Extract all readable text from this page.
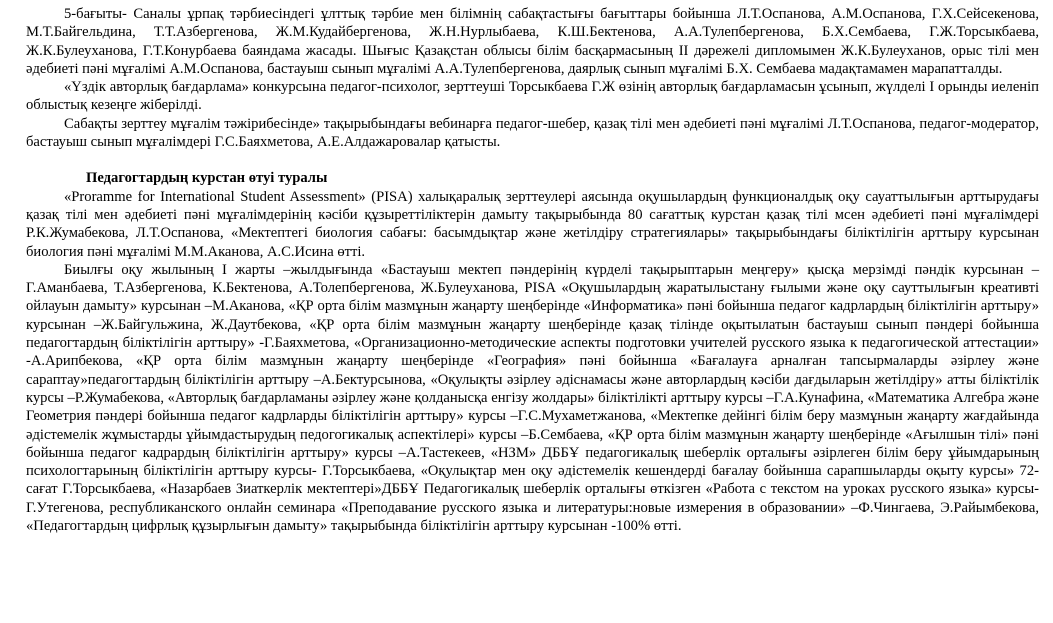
5-бағыты- Саналы ұрпақ тәрбиесіндегі ұлттық тәрбие мен білімнің сабақтастығы бағыттары бойынша Л.Т.Оспанова, А.М.Оспанова, Г.Х.Сейсекенова, М.Т.Байгельдина, Т.Т.Азбергенова, Ж.М.Кудайбергенова, Ж.Н.Нурлыбаева, К.Ш.Бектенова, А.А.Тулепбергенова, Б.Х.Сембаева, Г.Ж.Торсыкбаева, Ж.К.Булеуханова, Г.Т.Конурбаева баяндама жасады. Шығыс Қазақстан облысы білім басқармасының ІІ дәрежелі дипломымен Ж.К.Булеуханов, орыс тілі мен әдебиеті пәні мұғалімі А.М.Оспанова, бастауыш сынып мұғалімі А.А.Тулепбергенова, даярлық сынып мұғалімі Б.Х. Сембаева мадақтамамен марапатталды.

«Үздік авторлық бағдарлама» конкурсына педагог-психолог, зерттеуші Торсыкбаева Г.Ж өзінің авторлық бағдарламасын ұсынып, жүлделі І орынды иеленіп облыстық кезеңге жіберілді.

Сабақты зерттеу мұғалім тәжірибесінде» тақырыбындағы вебинарға педагог-шебер, қазақ тілі мен әдебиеті пәні мұғалімі Л.Т.Оспанова, педагог-модератор, бастауыш сынып мұғалімдері Г.С.Баяхметова, А.Е.Алдажаровалар қатысты.

Педагогтардың курстан өтуі туралы

«Proramme for International Student Assessment» (PISA) халықаралық зерттеулері аясында оқушылардың функционалдық оқу сауаттылығын арттырудағы қазақ тілі мен әдебиеті пәні мұғалімдерінің кәсіби құзыреттіліктерін дамыту тақырыбында 80 сағаттық курстан қазақ тілі мсен әдебиеті пәні мұғалімдері Р.К.Жумабекова, Л.Т.Оспанова, «Мектептегі биология сабағы: басымдықтар және жетілдіру стратегиялары» тақырыбындағы біліктілігін арттыру курсынан биология пәні мұғалімі М.М.Аканова, А.С.Исина өтті.

Биылғы оқу жылының І жарты –жылдығында «Бастауыш мектеп пәндерінің күрделі тақырыптарын меңгеру» қысқа мерзімді пәндік курсынан – Г.Аманбаева, Т.Азбергенова, К.Бектенова, А.Толепбергенова, Ж.Булеуханова, PISA «Оқушылардың жаратылыстану ғылыми және оқу сауттылығын креативті ойлауын дамыту» курсынан –М.Аканова, «ҚР орта білім мазмұнын жаңарту шеңберінде «Информатика» пәні бойынша педагог кадрлардың біліктілігін арттыру» курсынан –Ж.Байгульжина, Ж.Даутбекова, «ҚР орта білім мазмұнын жаңарту шеңберінде қазақ тілінде оқытылатын бастауыш сынып пәндері бойынша педагогтардың біліктілігін арттыру» -Г.Баяхметова, «Организационно-методические аспекты подготовки учителей русского языка к педагогической аттестации» -А.Арипбекова, «ҚР орта білім мазмұнын жаңарту шеңберінде «География» пәні бойынша «Бағалауға арналған тапсырмаларды әзірлеу және сараптау»педагогтардың біліктілігін арттыру –А.Бектурсынова, «Оқулықты әзірлеу әдіснамасы және авторлардың кәсіби дағдыларын жетілдіру» атты біліктілік курсы –Р.Жумабекова, «Авторлық бағдарламаны әзірлеу және қолданысқа енгізу жолдары» біліктілікті арттыру курсы –Г.А.Кунафина, «Математика Алгебра және Геометрия пәндері бойынша педагог кадрларды біліктілігін арттыру» курсы –Г.С.Мухаметжанова, «Мектепке дейінгі білім беру мазмұнын жаңарту жағдайында әдістемелік жұмыстарды ұйымдастырудың педогогикалық аспектілері» курсы –Б.Сембаева, «ҚР орта білім мазмұнын жаңарту шеңберінде «Ағылшын тілі» пәні бойынша педагог кадрардың біліктілігін арттыру» курсы –А.Тастекеев, «НЗМ» ДББҰ педагогикалық шеберлік орталығы әзірлеген білім беру ұйымдарының психологтарының біліктілігін арттыру курсы- Г.Торсыкбаева, «Оқулықтар мен оқу әдістемелік кешендерді бағалау бойынша сарапшыларды оқыту курсы» 72- сағат Г.Торсыкбаева, «Назарбаев Зиаткерлік мектептері»ДББҰ Педагогикалық шеберлік орталығы өткізген «Работа с текстом на уроках русского языка» курсы- Г.Утегенова, республиканского онлайн семинара «Преподавание русского языка и литературы:новые измерения в образовании» –Ф.Чингаева, Э.Райымбекова, «Педагогтардың цифрлық құзырлығын дамыту» тақырыбында біліктілігін арттыру курсынан -100% өтті.
